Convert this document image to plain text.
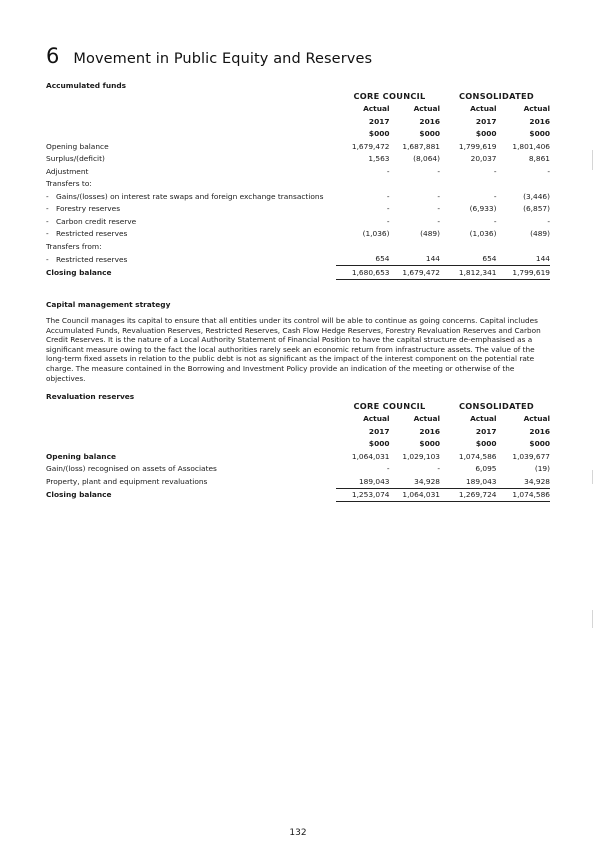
6 Movement in Public Equity and Reserves

Accumulated funds

	CORE COUNCIL		CONSOLIDATED	
	Actual	Actual	Actual	Actual
	2017	2016	2017	2016
	$000	$000	$000	$000
Opening balance	1,679,472	1,687,881	1,799,619	1,801,406
Surplus/(deficit)	1,563	(8,064)	20,037	8,861
Adjustment	-	-	-	-
Transfers to:				
- Gains/(losses) on interest rate swaps and foreign exchange transactions	-	-	-	(3,446)
- Forestry reserves	-	-	(6,933)	(6,857)
- Carbon credit reserve	-	-	-	-
- Restricted reserves	(1,036)	(489)	(1,036)	(489)
Transfers from:				
- Restricted reserves	654	144	654	144
Closing balance	1,680,653	1,679,472	1,812,341	1,799,619

Capital management strategy

The Council manages its capital to ensure that all entities under its control will be able to continue as going concerns. Capital includes Accumulated Funds, Revaluation Reserves, Restricted Reserves, Cash Flow Hedge Reserves, Forestry Revaluation Reserves and Carbon Credit Reserves. It is the nature of a Local Authority Statement of Financial Position to have the capital structure de-emphasised as a significant measure owing to the fact the local authorities rarely seek an economic return from infrastructure assets. The value of the long-term fixed assets in relation to the public debt is not as significant as the impact of the interest component on the potential rate charge. The measure contained in the Borrowing and Investment Policy provide an indication of the meeting or otherwise of the objectives.

Revaluation reserves

	CORE COUNCIL		CONSOLIDATED	
	Actual	Actual	Actual	Actual
	2017	2016	2017	2016
	$000	$000	$000	$000
Opening balance	1,064,031	1,029,103	1,074,586	1,039,677
Gain/(loss) recognised on assets of Associates	-	-	6,095	(19)
Property, plant and equipment revaluations	189,043	34,928	189,043	34,928
Closing balance	1,253,074	1,064,031	1,269,724	1,074,586
132
